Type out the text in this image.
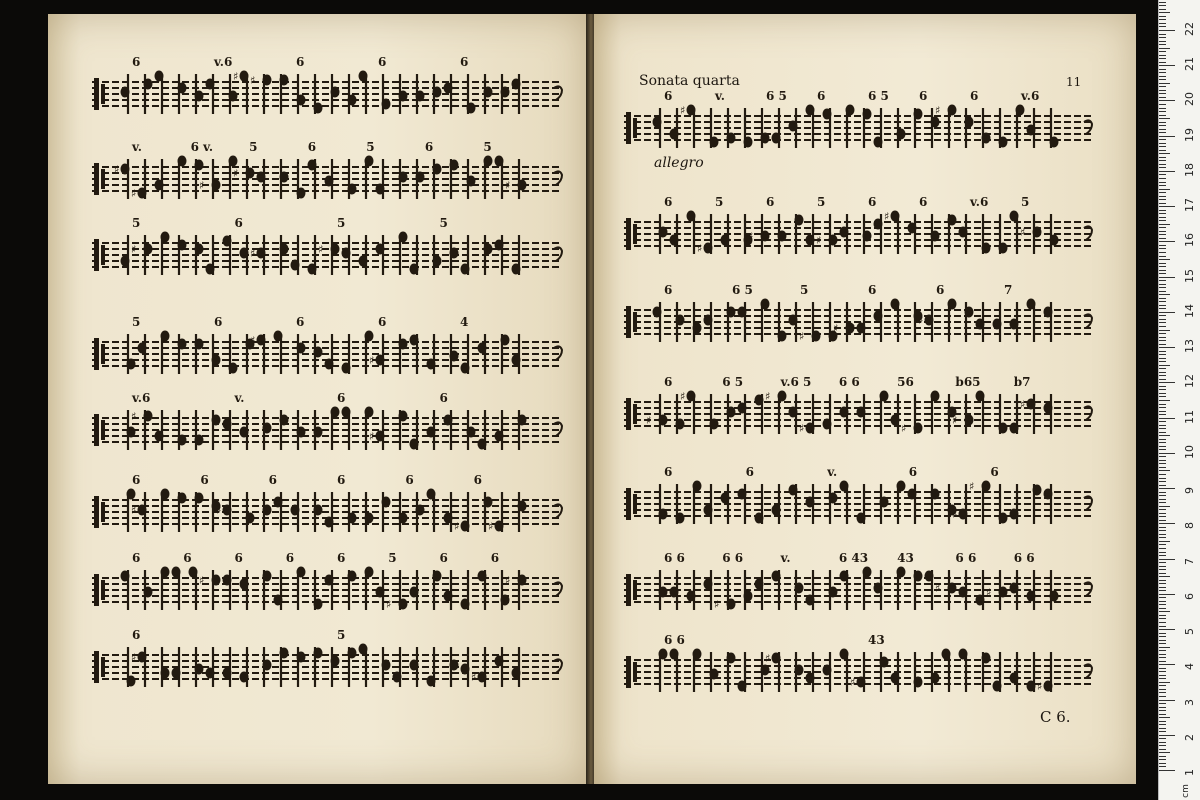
♯ ♯
6	v.6	6	6	6
♯
♯
♯
♯
♯
v.	6 v.	5	6	5	6	5
♯	♯	♯
5	6	5	5
♯
♯
5	6	6	6	4
♯
♯
v.6	v.	6	6
♯	♯
♯	♯
6	6	6	6	6	6
♯
♯
♯
6	6	6	6	6	5	6	6
♯
♯
6	5
♯	♯
6	v.	6 5	6	6 5	6	6	v.6
♯
♯	♯
♯
♯
6	5	6	5	6	6	v.6	5
♯
♯ ♯
♯
6	6 5	5	6	6	7
♯
♯	♯
♯	♯
♯
♯
6	6 5	v.6 5 6 6	56	b65	b7
♯
♯
6	6	v.	6	6
♯
♯	♯
6 6	6 6	v.	6 43 43	6 6	6 6
♯
♯	♯
6 6	43
Sonata quarta
allegro
11
C 6.
cm
1
2
3
4
5
6
7
8
9
10
11
12
13
14
15
16
17
18
19
20
21
22
